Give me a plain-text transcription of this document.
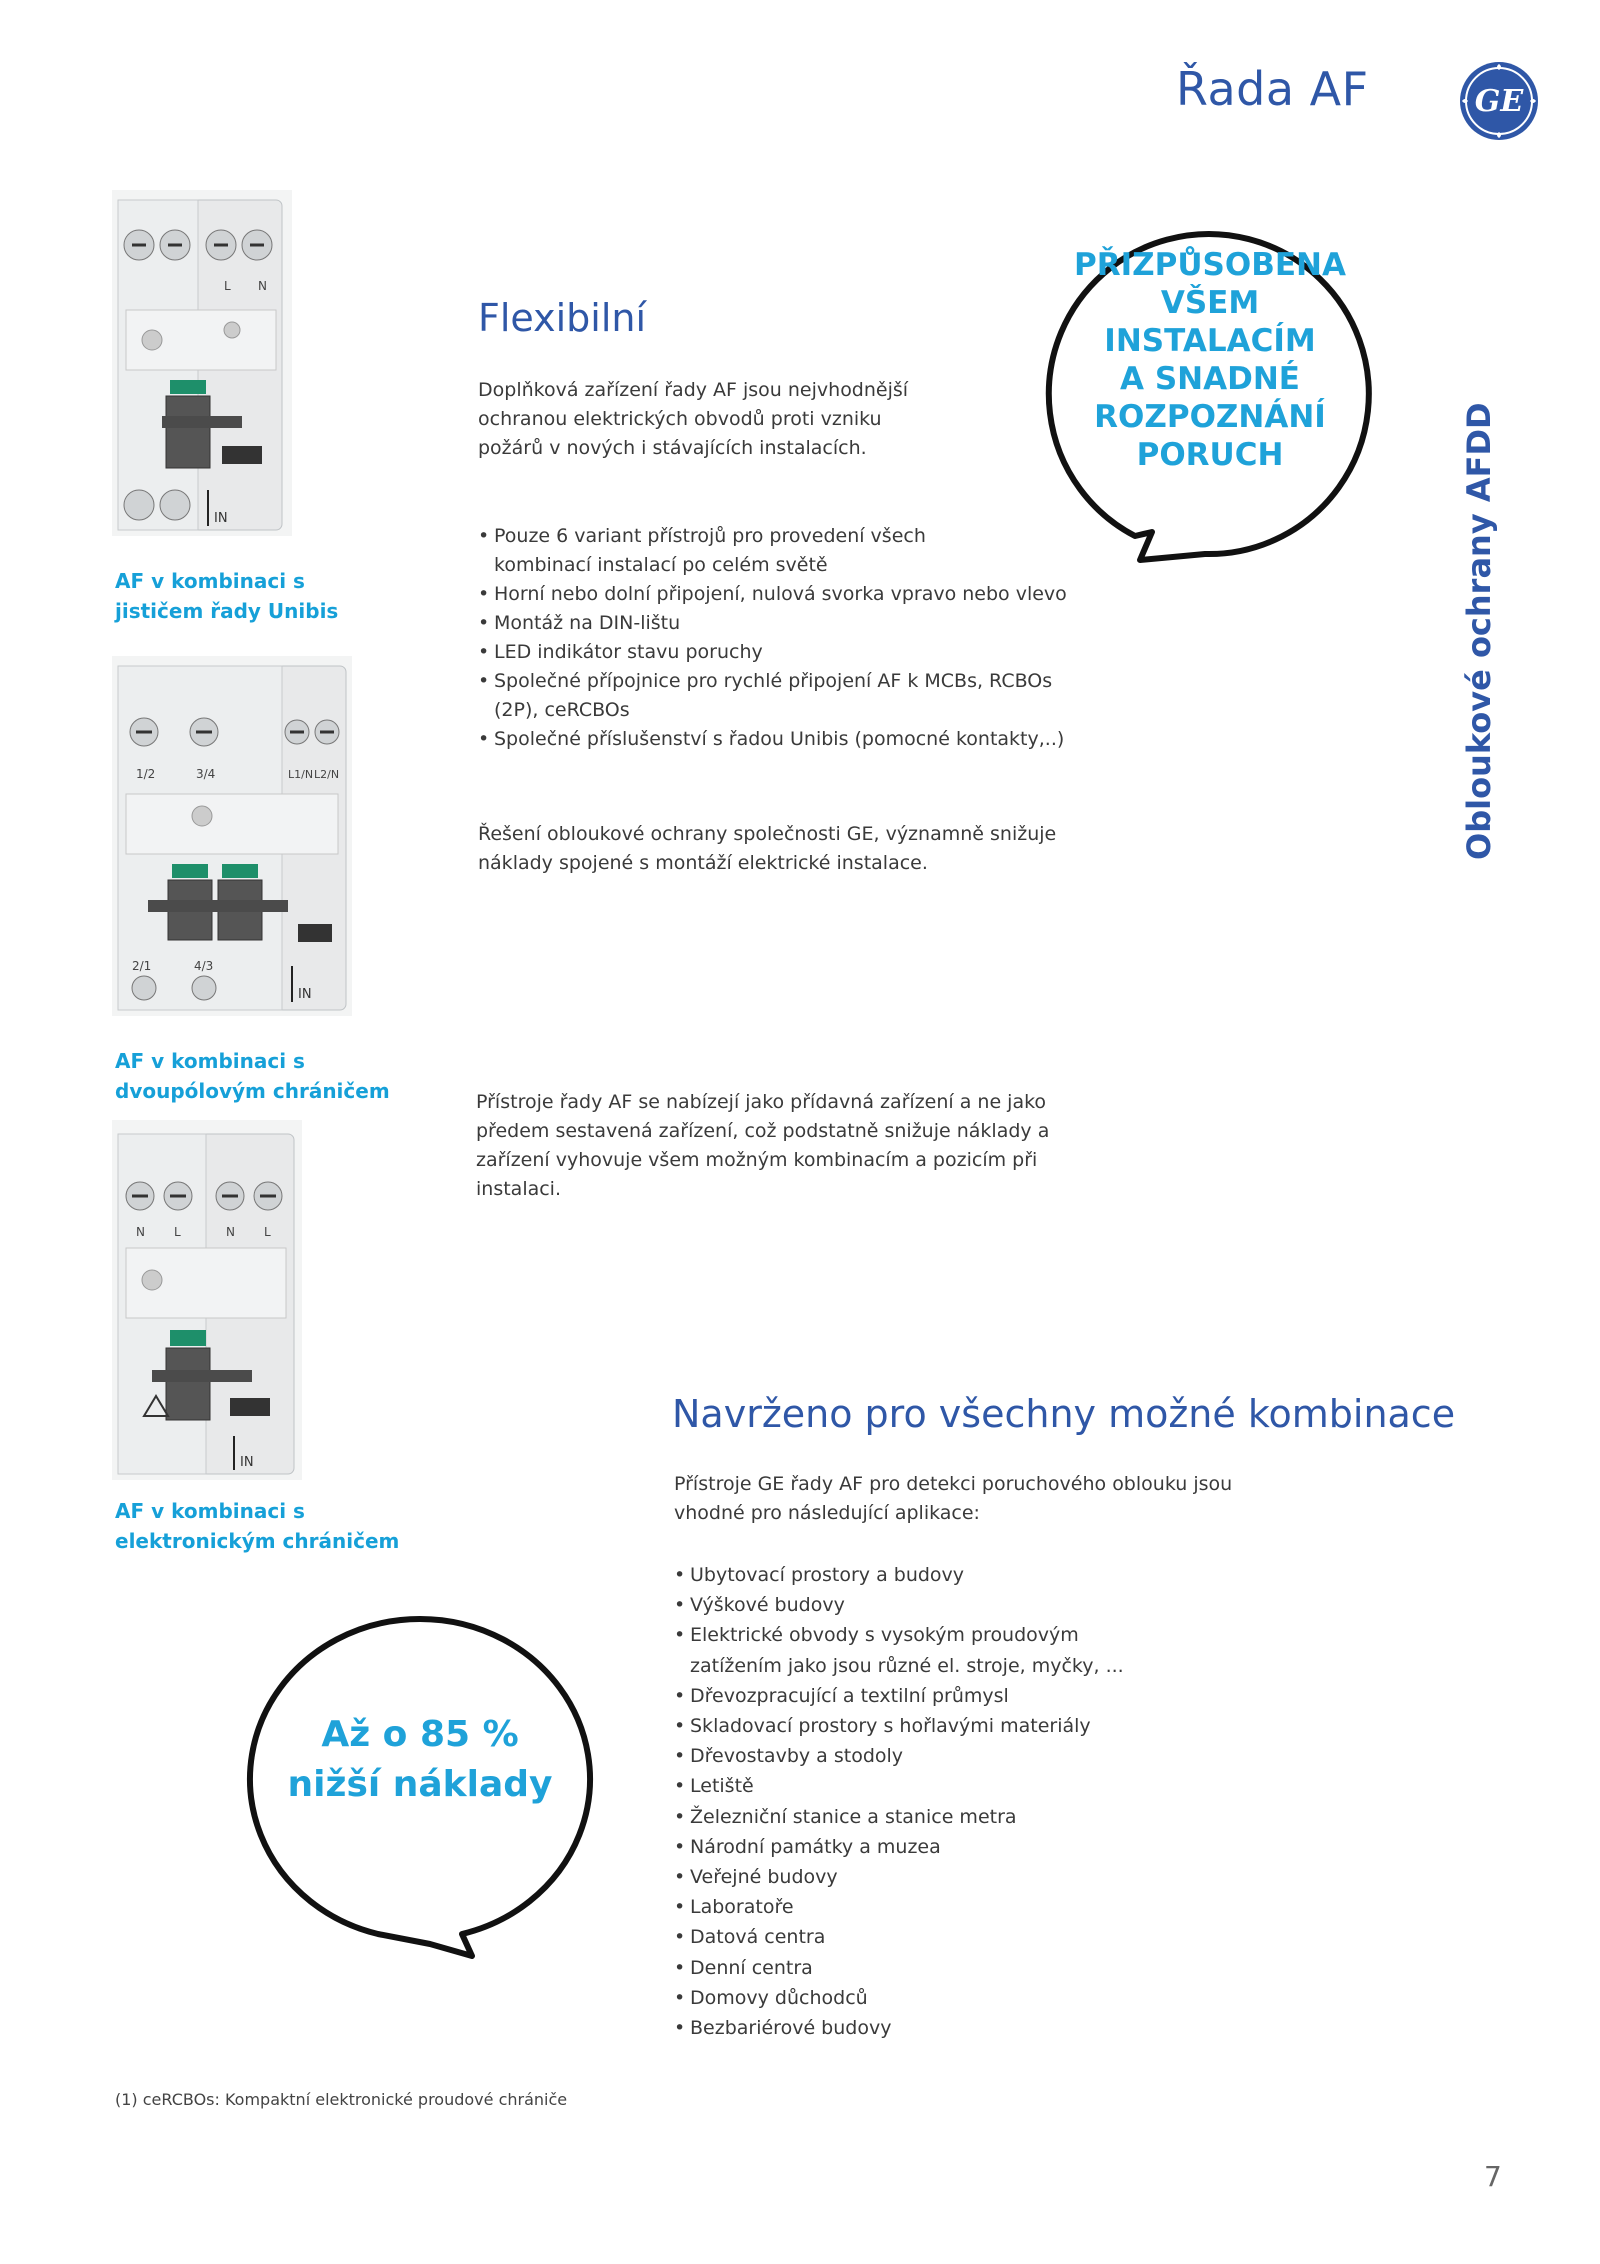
Řada AF	GE
Obloukové ochrany AFDD
L N
IN
AF v kombinaci s
jističem řady Unibis
1/2	3/4	L1/N L2/N
2/1	4/3
IN
AF v kombinaci s
dvoupólovým chráničem
N L	N L
IN
AF v kombinaci s
elektronickým chráničem
Flexibilní
Doplňková zařízení řady AF jsou nejvhodnější
ochranou elektrických obvodů proti vzniku
požárů v nových i stávajících instalacích.
• Pouze 6 variant přístrojů pro provedení všech
kombinací instalací po celém světě
• Horní nebo dolní připojení, nulová svorka vpravo nebo vlevo
• Montáž na DIN-lištu
• LED indikátor stavu poruchy
• Společné přípojnice pro rychlé připojení AF k MCBs, RCBOs
(2P), ceRCBOs
• Společné příslušenství s řadou Unibis (pomocné kontakty,..)
Řešení obloukové ochrany společnosti GE, významně snižuje
náklady spojené s montáží elektrické instalace.
Přístroje řady AF se nabízejí jako přídavná zařízení a ne jako
předem sestavená zařízení, což podstatně snižuje náklady a
zařízení vyhovuje všem možným kombinacím a pozicím při
instalaci.
PŘIZPŮSOBENA
VŠEM
INSTALACÍM
A SNADNÉ
ROZPOZNÁNÍ
PORUCH
Navrženo pro všechny možné kombinace
Přístroje GE řady AF pro detekci poruchového oblouku jsou
vhodné pro následující aplikace:
• Ubytovací prostory a budovy
• Výškové budovy
• Elektrické obvody s vysokým proudovým
zatížením jako jsou různé el. stroje, myčky, ...
• Dřevozpracující a textilní průmysl
• Skladovací prostory s hořlavými materiály
• Dřevostavby a stodoly
• Letiště
• Železniční stanice a stanice metra
• Národní památky a muzea
• Veřejné budovy
• Laboratoře
• Datová centra
• Denní centra
• Domovy důchodců
• Bezbariérové budovy
Až o 85 %
nižší náklady
(1) ceRCBOs: Kompaktní elektronické proudové chrániče
7
